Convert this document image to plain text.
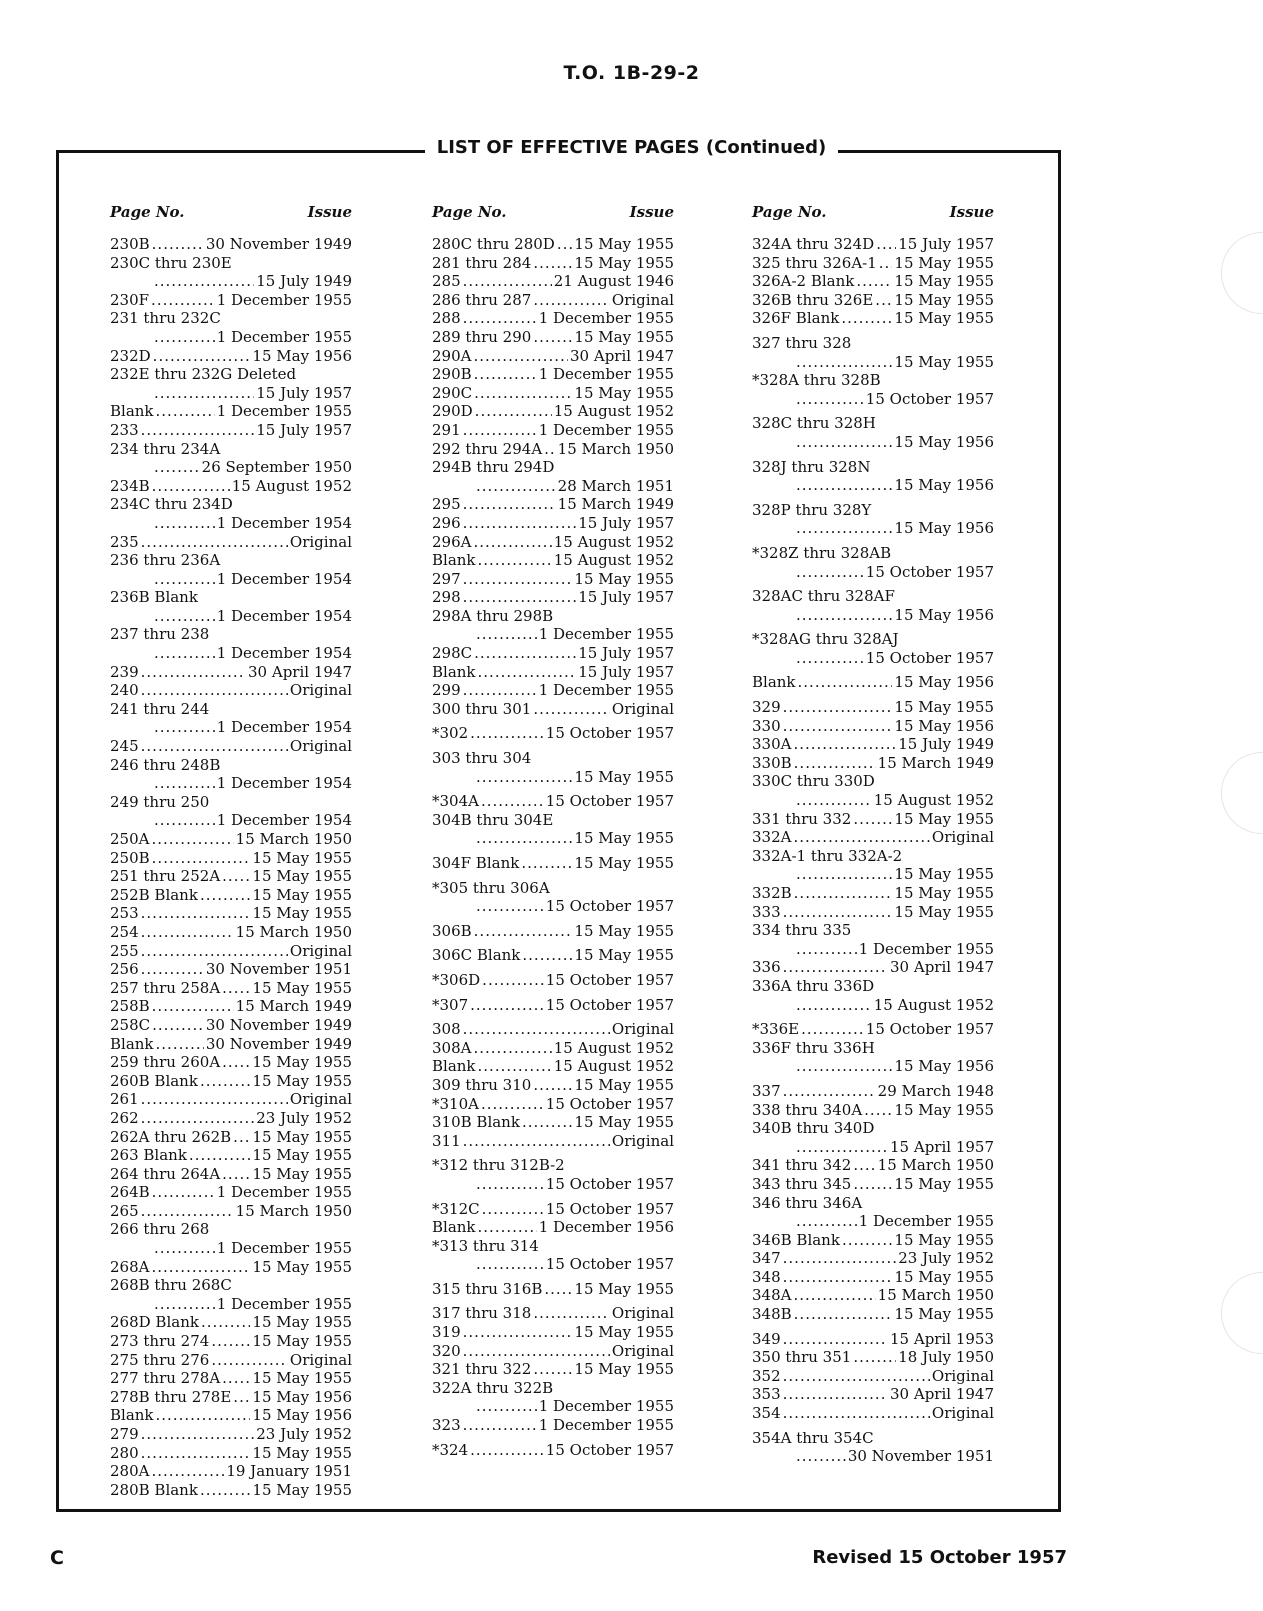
T.O. 1B-29-2
LIST OF EFFECTIVE PAGES (Continued)
Page No.	Issue
230B .....	30 November 1949
230C thru 230E
.....
15 July 1949
230F .....	1 December 1955
231 thru 232C
.....
1 December 1955
232D .....	15 May 1956
232E thru 232G Deleted
.....
15 July 1957
Blank .....	1 December 1955
233 .....	15 July 1957
234 thru 234A
.....
26 September 1950
234B .....	15 August 1952
234C thru 234D
.....
1 December 1954
235 .....	Original
236 thru 236A
.....
1 December 1954
236B Blank
.....
1 December 1954
237 thru 238
.....
1 December 1954
239 .....	30 April 1947
240 .....	Original
241 thru 244
.....
1 December 1954
245 .....	Original
246 thru 248B
.....
1 December 1954
249 thru 250
.....
1 December 1954
250A .....	15 March 1950
250B .....	15 May 1955
251 thru 252A ..... 15 May 1955
252B Blank .....	15 May 1955
253 .....	15 May 1955
254 .....	15 March 1950
255 .....	Original
256 .....	30 November 1951
257 thru 258A ..... 15 May 1955
258B .....	15 March 1949
258C .....	30 November 1949
Blank .....	30 November 1949
259 thru 260A ..... 15 May 1955
260B Blank .....	15 May 1955
261 .....	Original
262 .....	23 July 1952
262A thru 262B ..... 15 May 1955
263 Blank .....	15 May 1955
264 thru 264A ..... 15 May 1955
264B .....	1 December 1955
265 .....	15 March 1950
266 thru 268
.....
1 December 1955
268A .....	15 May 1955
268B thru 268C
.....
1 December 1955
268D Blank .....	15 May 1955
273 thru 274 .....	15 May 1955
275 thru 276 .....	Original
277 thru 278A ..... 15 May 1955
278B thru 278E ..... 15 May 1956
Blank .....	15 May 1956
279 .....	23 July 1952
280 .....	15 May 1955
280A .....	19 January 1951
280B Blank .....	15 May 1955
Page No.	Issue
280C thru 280D ..... 15 May 1955
281 thru 284 .....	15 May 1955
285 .....	21 August 1946
286 thru 287 .....	Original
288 .....	1 December 1955
289 thru 290 .....	15 May 1955
290A .....	30 April 1947
290B .....	1 December 1955
290C .....	15 May 1955
290D .....	15 August 1952
291 .....	1 December 1955
292 thru 294A ..... 15 March 1950
294B thru 294D
.....
28 March 1951
295 .....	15 March 1949
296 .....	15 July 1957
296A .....	15 August 1952
Blank .....	15 August 1952
297 .....	15 May 1955
298 .....	15 July 1957
298A thru 298B
.....
1 December 1955
298C .....	15 July 1957
Blank .....	15 July 1957
299 .....	1 December 1955
300 thru 301 .....	Original
*302 .....	15 October 1957
303 thru 304
.....
15 May 1955
*304A .....	15 October 1957
304B thru 304E
.....
15 May 1955
304F Blank .....	15 May 1955
*305 thru 306A
.....
15 October 1957
306B .....	15 May 1955
306C Blank .....	15 May 1955
*306D .....	15 October 1957
*307 .....	15 October 1957
308 .....	Original
308A .....	15 August 1952
Blank .....	15 August 1952
309 thru 310 .....	15 May 1955
*310A .....	15 October 1957
310B Blank .....	15 May 1955
311 .....	Original
*312 thru 312B-2
.....
15 October 1957
*312C .....	15 October 1957
Blank .....	1 December 1956
*313 thru 314
.....
15 October 1957
315 thru 316B ..... 15 May 1955
317 thru 318 .....	Original
319 .....	15 May 1955
320 .....	Original
321 thru 322 .....	15 May 1955
322A thru 322B
.....
1 December 1955
323 .....	1 December 1955
*324 .....	15 October 1957
Page No.	Issue
324A thru 324D ..... 15 July 1957
325 thru 326A-1 ..... 15 May 1955
326A-2 Blank .....	15 May 1955
326B thru 326E ..... 15 May 1955
326F Blank .....	15 May 1955
327 thru 328
.....
15 May 1955
*328A thru 328B
.....
15 October 1957
328C thru 328H
.....
15 May 1956
328J thru 328N
.....
15 May 1956
328P thru 328Y
.....
15 May 1956
*328Z thru 328AB
.....
15 October 1957
328AC thru 328AF
.....
15 May 1956
*328AG thru 328AJ
.....
15 October 1957
Blank .....	15 May 1956
329 .....	15 May 1955
330 .....	15 May 1956
330A .....	15 July 1949
330B .....	15 March 1949
330C thru 330D
.....
15 August 1952
331 thru 332 .....	15 May 1955
332A .....	Original
332A-1 thru 332A-2
.....
15 May 1955
332B .....	15 May 1955
333 .....	15 May 1955
334 thru 335
.....
1 December 1955
336 .....	30 April 1947
336A thru 336D
.....
15 August 1952
*336E .....	15 October 1957
336F thru 336H
.....
15 May 1956
337 .....	29 March 1948
338 thru 340A ..... 15 May 1955
340B thru 340D
.....
15 April 1957
341 thru 342 ..... 15 March 1950
343 thru 345 .....	15 May 1955
346 thru 346A
.....
1 December 1955
346B Blank .....	15 May 1955
347 .....	23 July 1952
348 .....	15 May 1955
348A .....	15 March 1950
348B .....	15 May 1955
349 .....	15 April 1953
350 thru 351 .....	18 July 1950
352 .....	Original
353 .....	30 April 1947
354 .....	Original
354A thru 354C
.....
30 November 1951
C	Revised 15 October 1957
